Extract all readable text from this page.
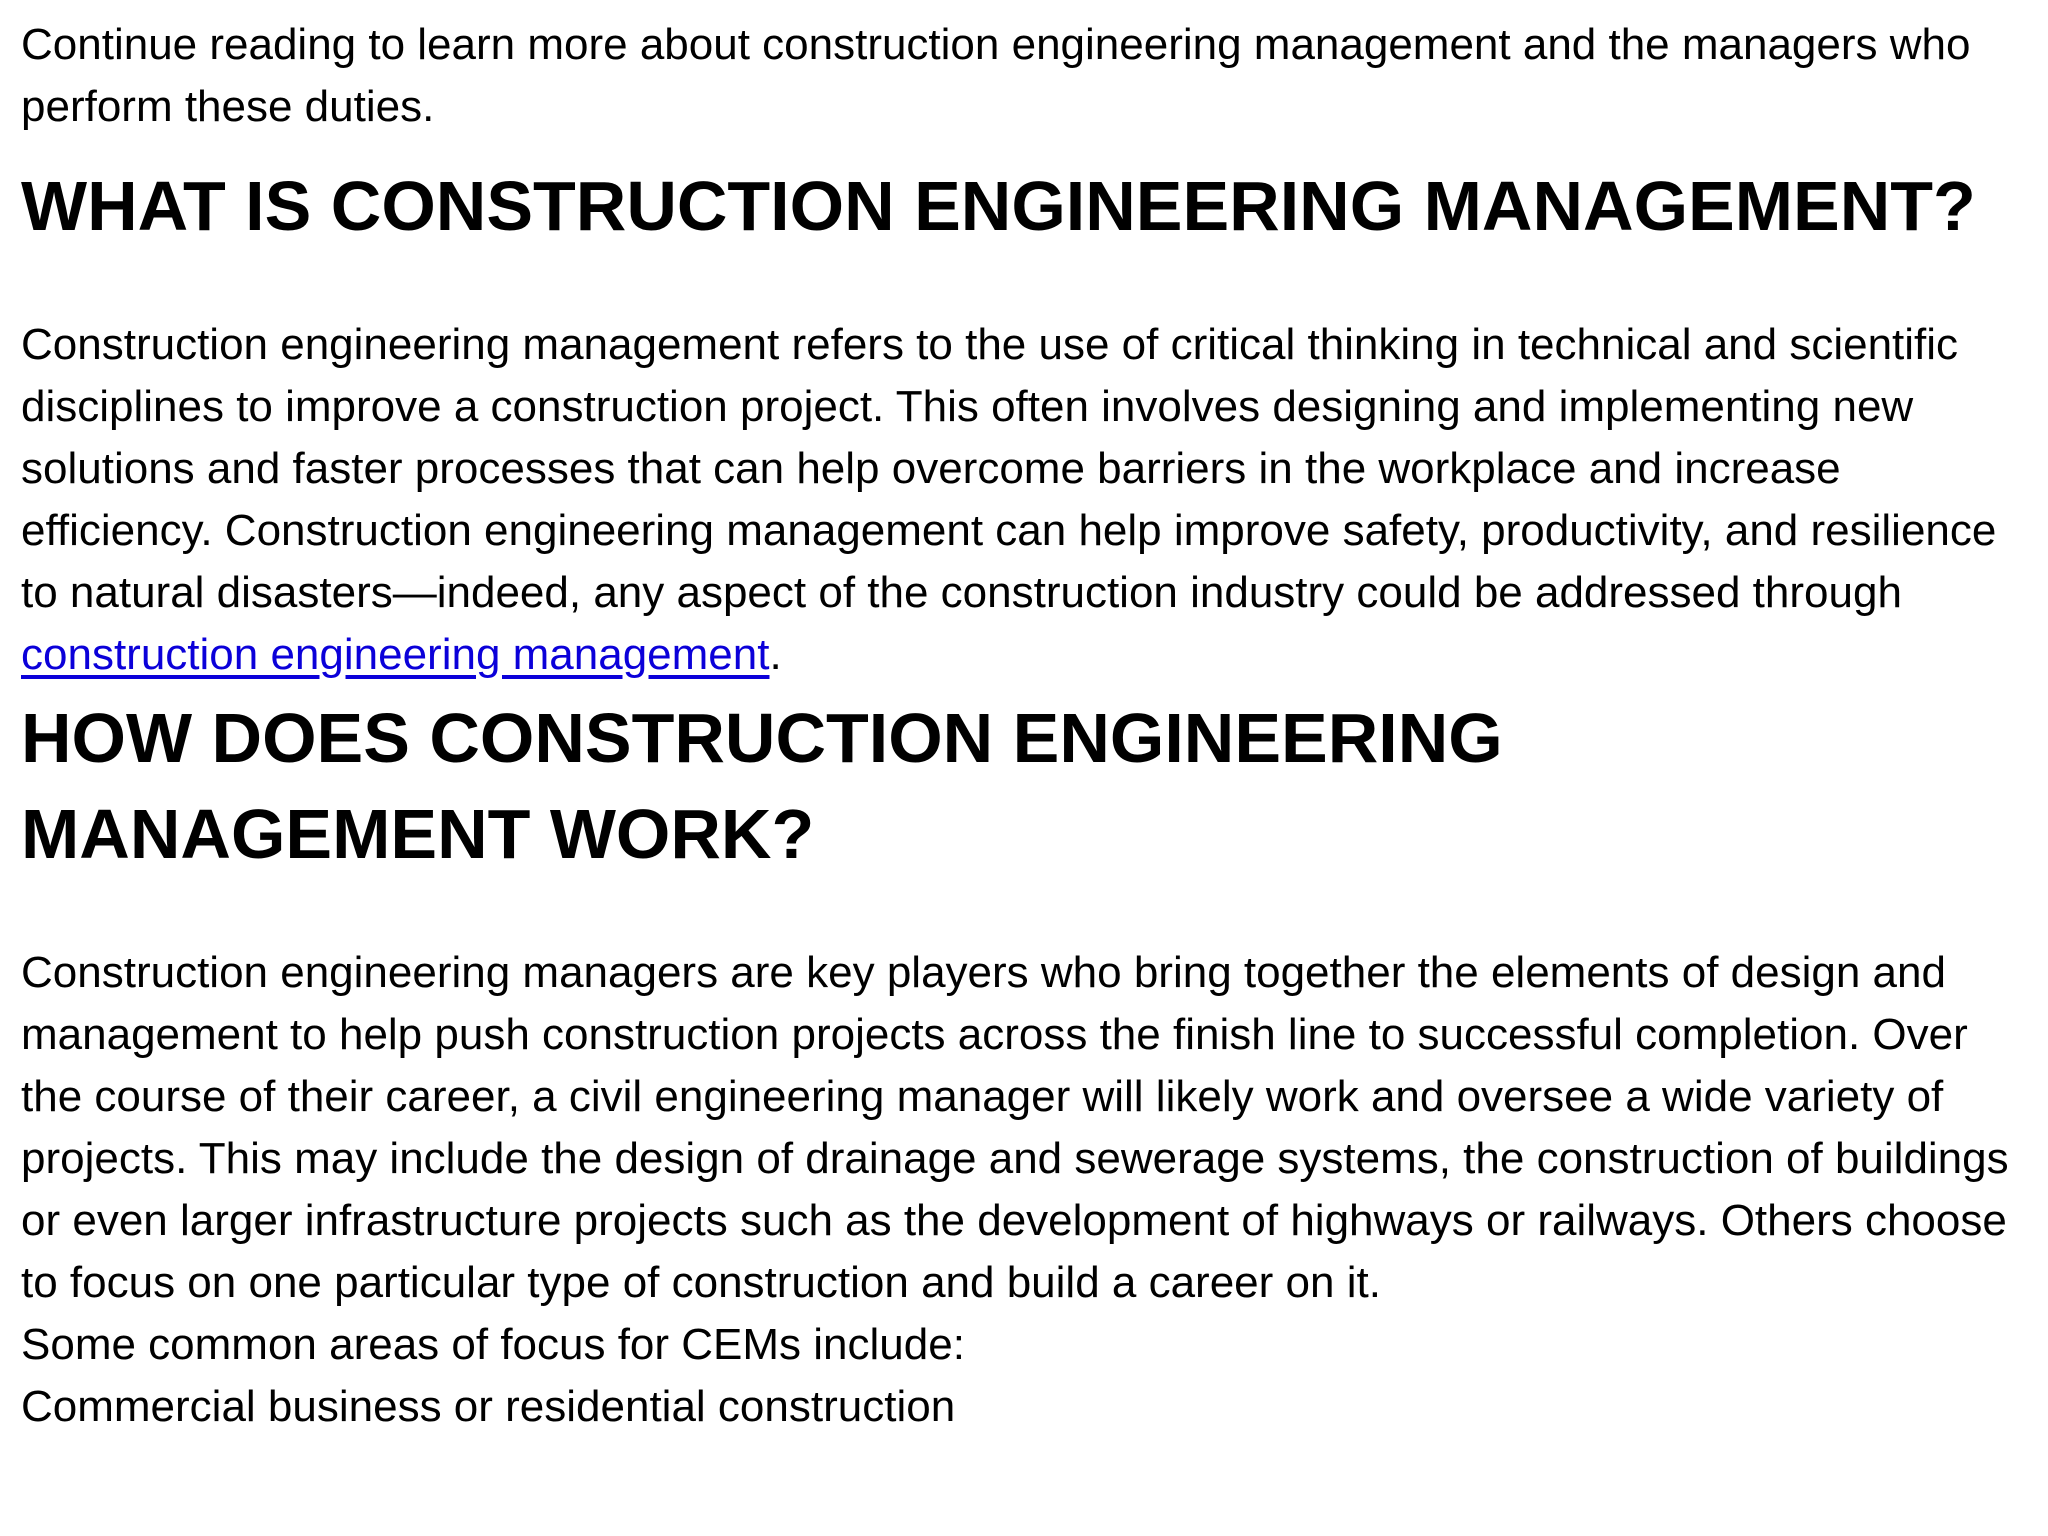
Continue reading to learn more about construction engineering management and the managers who perform these duties.

WHAT IS CONSTRUCTION ENGINEERING MANAGEMENT?

Construction engineering management refers to the use of critical thinking in technical and scientific disciplines to improve a construction project. This often involves designing and implementing new solutions and faster processes that can help overcome barriers in the workplace and increase efficiency. Construction engineering management can help improve safety, productivity, and resilience to natural disasters—indeed, any aspect of the construction industry could be addressed through construction engineering management.

HOW DOES CONSTRUCTION ENGINEERING MANAGEMENT WORK?

Construction engineering managers are key players who bring together the elements of design and management to help push construction projects across the finish line to successful completion. Over the course of their career, a civil engineering manager will likely work and oversee a wide variety of projects. This may include the design of drainage and sewerage systems, the construction of buildings or even larger infrastructure projects such as the development of highways or railways. Others choose to focus on one particular type of construction and build a career on it.

Some common areas of focus for CEMs include:

Commercial business or residential construction
